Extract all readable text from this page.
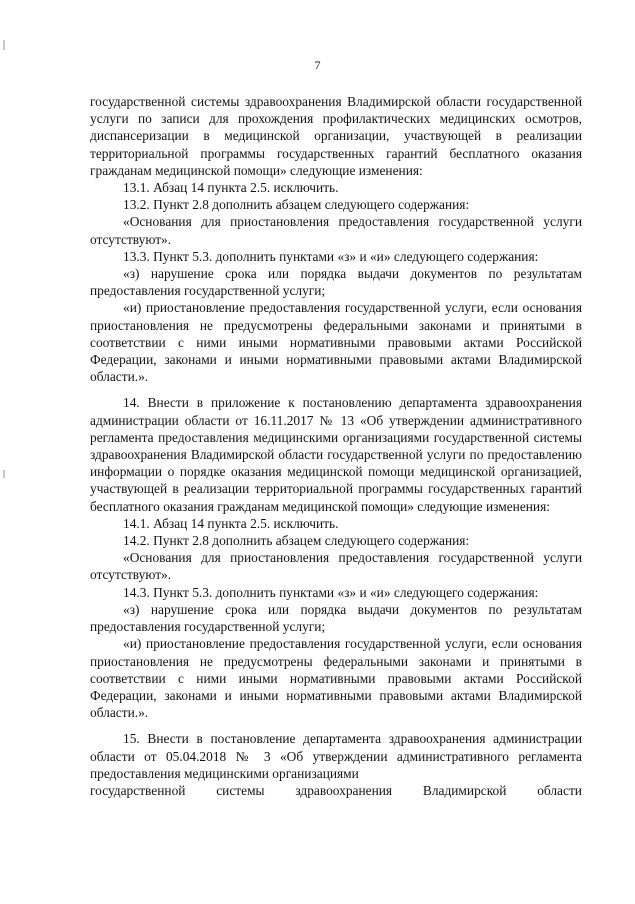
7

государственной системы здравоохранения Владимирской области государственной услуги по записи для прохождения профилактических медицинских осмотров, диспансеризации в медицинской организации, участвующей в реализации территориальной программы государственных гарантий бесплатного оказания гражданам медицинской помощи» следующие изменения:

13.1. Абзац 14 пункта 2.5. исключить.

13.2. Пункт 2.8 дополнить абзацем следующего содержания:

«Основания для приостановления предоставления государственной услуги отсутствуют».

13.3. Пункт 5.3. дополнить пунктами «з» и «и» следующего содержания:

«з) нарушение срока или порядка выдачи документов по результатам предоставления государственной услуги;

«и) приостановление предоставления государственной услуги, если основания приостановления не предусмотрены федеральными законами и принятыми в соответствии с ними иными нормативными правовыми актами Российской Федерации, законами и иными нормативными правовыми актами Владимирской области.».

14. Внести в приложение к постановлению департамента здравоохранения администрации области от 16.11.2017 № 13 «Об утверждении административного регламента предоставления медицинскими организациями государственной системы здравоохранения Владимирской области государственной услуги по предоставлению информации о порядке оказания медицинской помощи медицинской организацией, участвующей в реализации территориальной программы государственных гарантий бесплатного оказания гражданам медицинской помощи» следующие изменения:

14.1. Абзац 14 пункта 2.5. исключить.

14.2. Пункт 2.8 дополнить абзацем следующего содержания:

«Основания для приостановления предоставления государственной услуги отсутствуют».

14.3. Пункт 5.3. дополнить пунктами «з» и «и» следующего содержания:

«з) нарушение срока или порядка выдачи документов по результатам предоставления государственной услуги;

«и) приостановление предоставления государственной услуги, если основания приостановления не предусмотрены федеральными законами и принятыми в соответствии с ними иными нормативными правовыми актами Российской Федерации, законами и иными нормативными правовыми актами Владимирской области.».

15. Внести в постановление департамента здравоохранения администрации области от 05.04.2018 № 3 «Об утверждении административного регламента предоставления медицинскими организациями

государственной системы здравоохранения Владимирской области
